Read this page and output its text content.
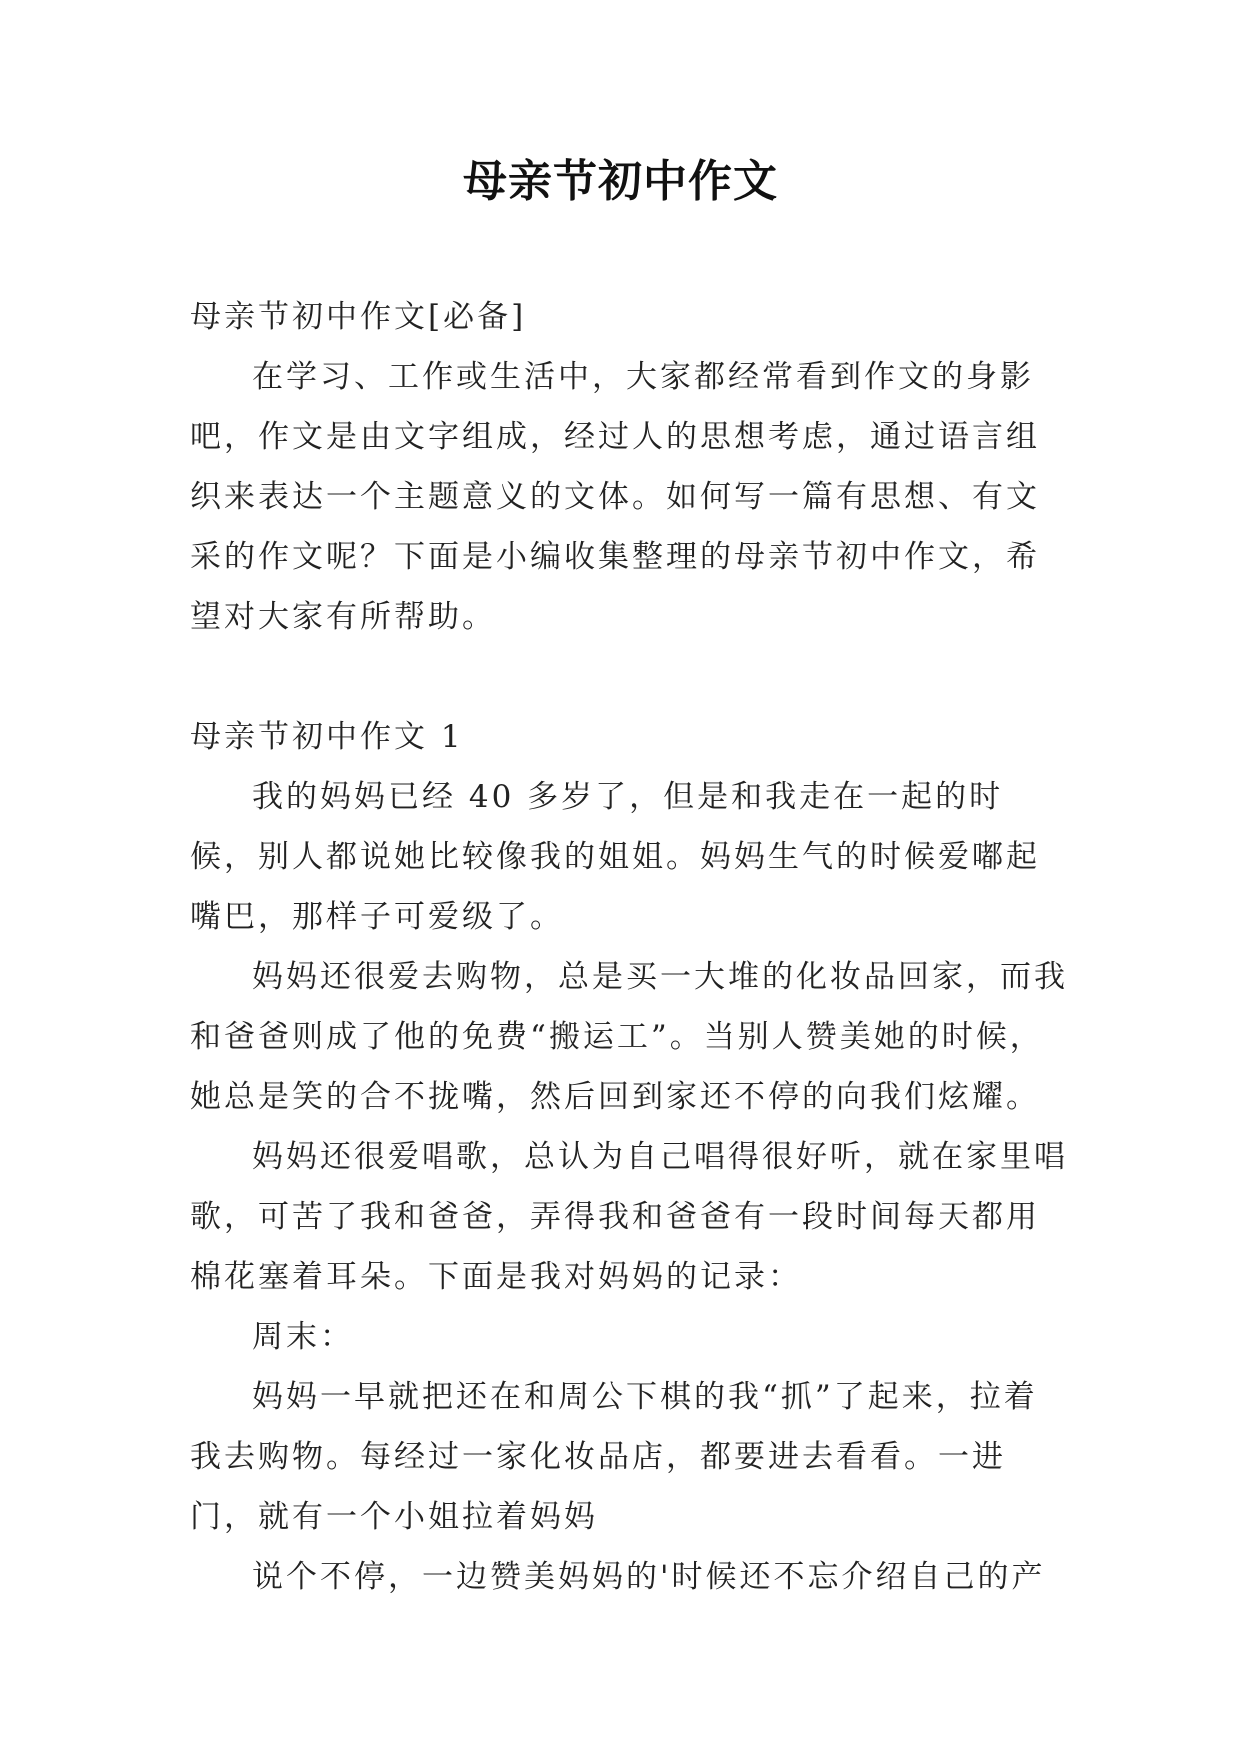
母亲节初中作文

母亲节初中作文[必备]

在学习、工作或生活中，大家都经常看到作文的身影吧，作文是由文字组成，经过人的思想考虑，通过语言组织来表达一个主题意义的文体。如何写一篇有思想、有文采的作文呢？下面是小编收集整理的母亲节初中作文，希望对大家有所帮助。

母亲节初中作文 1

我的妈妈已经 40 多岁了，但是和我走在一起的时候，别人都说她比较像我的姐姐。妈妈生气的时候爱嘟起嘴巴，那样子可爱级了。

妈妈还很爱去购物，总是买一大堆的化妆品回家，而我和爸爸则成了他的免费“搬运工”。当别人赞美她的时候，她总是笑的合不拢嘴，然后回到家还不停的向我们炫耀。

妈妈还很爱唱歌，总认为自己唱得很好听，就在家里唱歌，可苦了我和爸爸，弄得我和爸爸有一段时间每天都用棉花塞着耳朵。下面是我对妈妈的记录：

周末：

妈妈一早就把还在和周公下棋的我“抓”了起来，拉着我去购物。每经过一家化妆品店，都要进去看看。一进门，就有一个小姐拉着妈妈

说个不停，一边赞美妈妈的'时候还不忘介绍自己的产
